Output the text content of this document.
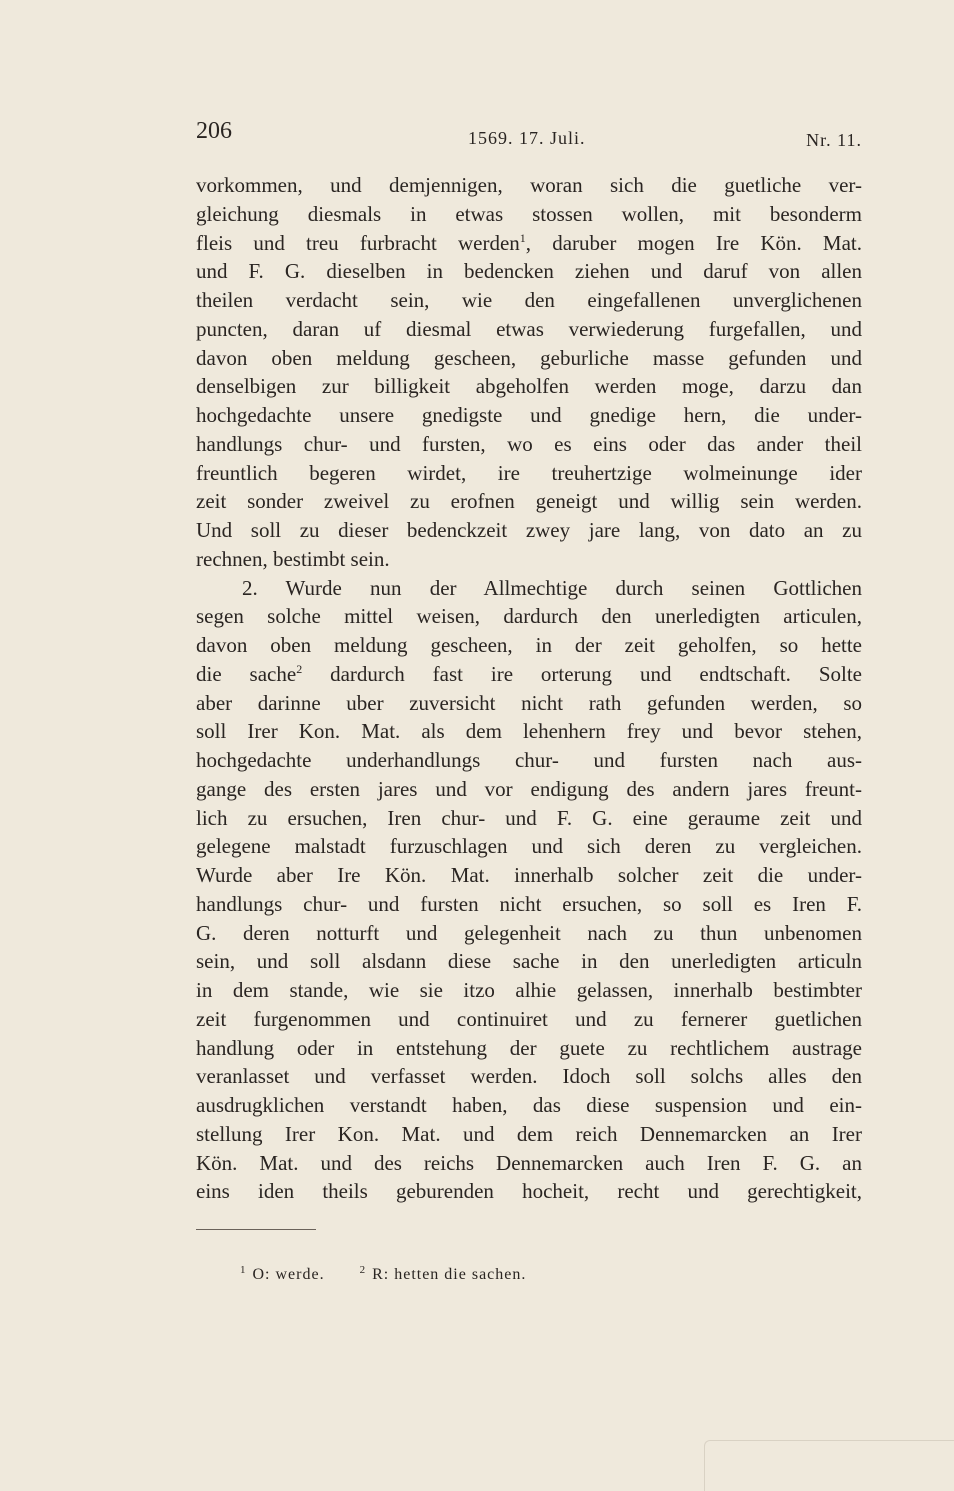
206	1569. 17. Juli.	Nr. 11.
vorkommen, und demjennigen, woran sich die guetliche ver-
gleichung diesmals in etwas stossen wollen, mit besonderm
fleis und treu furbracht werden$^1$, daruber mogen Ire Kön. Mat.
und F. G. dieselben in bedencken ziehen und daruf von allen
theilen verdacht sein, wie den eingefallenen unverglichenen
puncten, daran uf diesmal etwas verwiederung furgefallen, und
davon oben meldung gescheen, geburliche masse gefunden und
denselbigen zur billigkeit abgeholfen werden moge, darzu dan
hochgedachte unsere gnedigste und gnedige hern, die under-
handlungs chur- und fursten, wo es eins oder das ander theil
freuntlich begeren wirdet, ire treuhertzige wolmeinunge ider
zeit sonder zweivel zu erofnen geneigt und willig sein werden.
Und soll zu dieser bedenckzeit zwey jare lang, von dato an zu
rechnen, bestimbt sein.
2. Wurde nun der Allmechtige durch seinen Gottlichen
segen solche mittel weisen, dardurch den unerledigten articulen,
davon oben meldung gescheen, in der zeit geholfen, so hette
die sache$^2$ dardurch fast ire orterung und endtschaft. Solte
aber darinne uber zuversicht nicht rath gefunden werden, so
soll Irer Kon. Mat. als dem lehenhern frey und bevor stehen,
hochgedachte underhandlungs chur- und fursten nach aus-
gange des ersten jares und vor endigung des andern jares freunt-
lich zu ersuchen, Iren chur- und F. G. eine geraume zeit und
gelegene malstadt furzuschlagen und sich deren zu vergleichen.
Wurde aber Ire Kön. Mat. innerhalb solcher zeit die under-
handlungs chur- und fursten nicht ersuchen, so soll es Iren F.
G. deren notturft und gelegenheit nach zu thun unbenomen
sein, und soll alsdann diese sache in den unerledigten articuln
in dem stande, wie sie itzo alhie gelassen, innerhalb bestimbter
zeit furgenommen und continuiret und zu fernerer guetlichen
handlung oder in entstehung der guete zu rechtlichem austrage
veranlasset und verfasset werden. Idoch soll solchs alles den
ausdrugklichen verstandt haben, das diese suspension und ein-
stellung Irer Kon. Mat. und dem reich Dennemarcken an Irer
Kön. Mat. und des reichs Dennemarcken auch Iren F. G. an
eins iden theils geburenden hocheit, recht und gerechtigkeit,
$^1$ O: werde.	$^2$ R: hetten die sachen.
